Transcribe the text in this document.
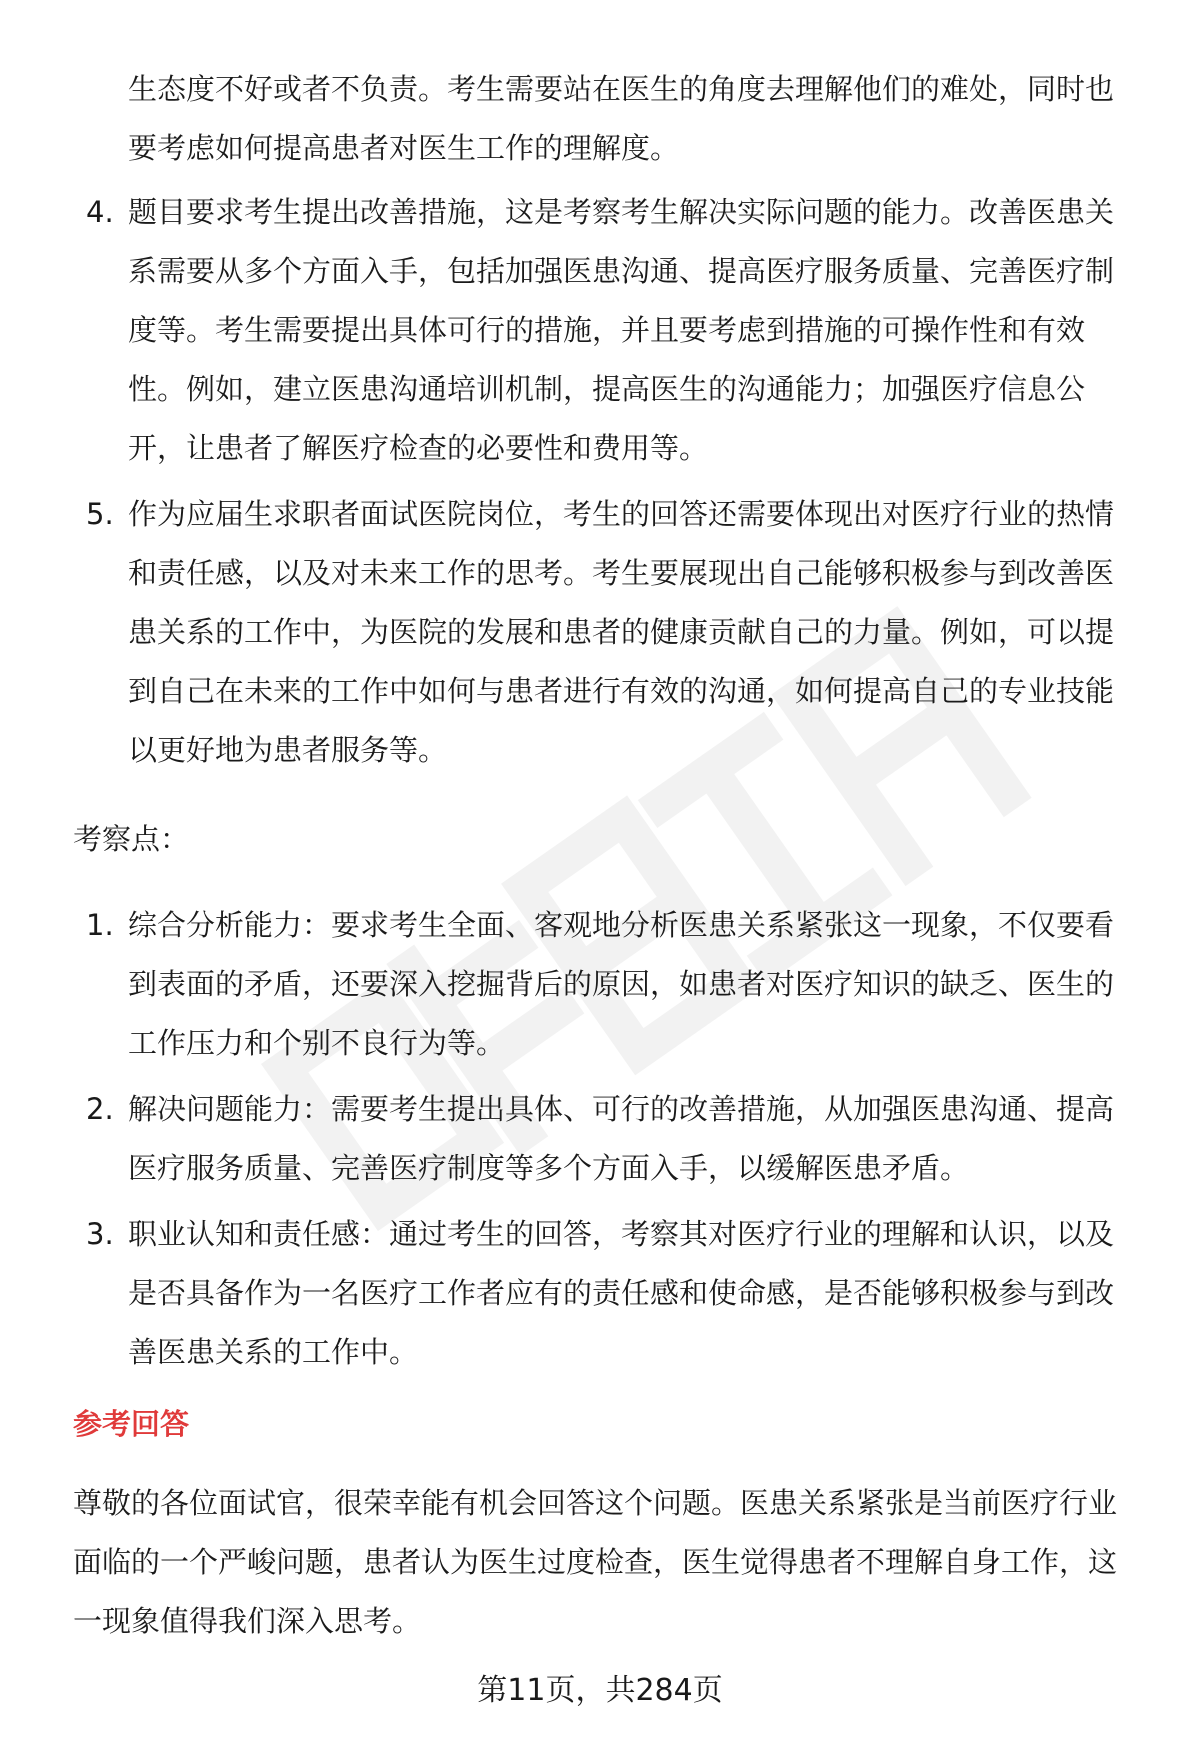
生态度不好或者不负责。考生需要站在医生的角度去理解他们的难处，同时也要考虑如何提高患者对医生工作的理解度。

4. 题目要求考生提出改善措施，这是考察考生解决实际问题的能力。改善医患关系需要从多个方面入手，包括加强医患沟通、提高医疗服务质量、完善医疗制度等。考生需要提出具体可行的措施，并且要考虑到措施的可操作性和有效性。例如，建立医患沟通培训机制，提高医生的沟通能力；加强医疗信息公开，让患者了解医疗检查的必要性和费用等。
5. 作为应届生求职者面试医院岗位，考生的回答还需要体现出对医疗行业的热情和责任感，以及对未来工作的思考。考生要展现出自己能够积极参与到改善医患关系的工作中，为医院的发展和患者的健康贡献自己的力量。例如，可以提到自己在未来的工作中如何与患者进行有效的沟通，如何提高自己的专业技能以更好地为患者服务等。

考察点：

1. 综合分析能力：要求考生全面、客观地分析医患关系紧张这一现象，不仅要看到表面的矛盾，还要深入挖掘背后的原因，如患者对医疗知识的缺乏、医生的工作压力和个别不良行为等。
2. 解决问题能力：需要考生提出具体、可行的改善措施，从加强医患沟通、提高医疗服务质量、完善医疗制度等多个方面入手，以缓解医患矛盾。
3. 职业认知和责任感：通过考生的回答，考察其对医疗行业的理解和认识，以及是否具备作为一名医疗工作者应有的责任感和使命感，是否能够积极参与到改善医患关系的工作中。

参考回答

尊敬的各位面试官，很荣幸能有机会回答这个问题。医患关系紧张是当前医疗行业面临的一个严峻问题，患者认为医生过度检查，医生觉得患者不理解自身工作，这一现象值得我们深入思考。

第11页，共284页
